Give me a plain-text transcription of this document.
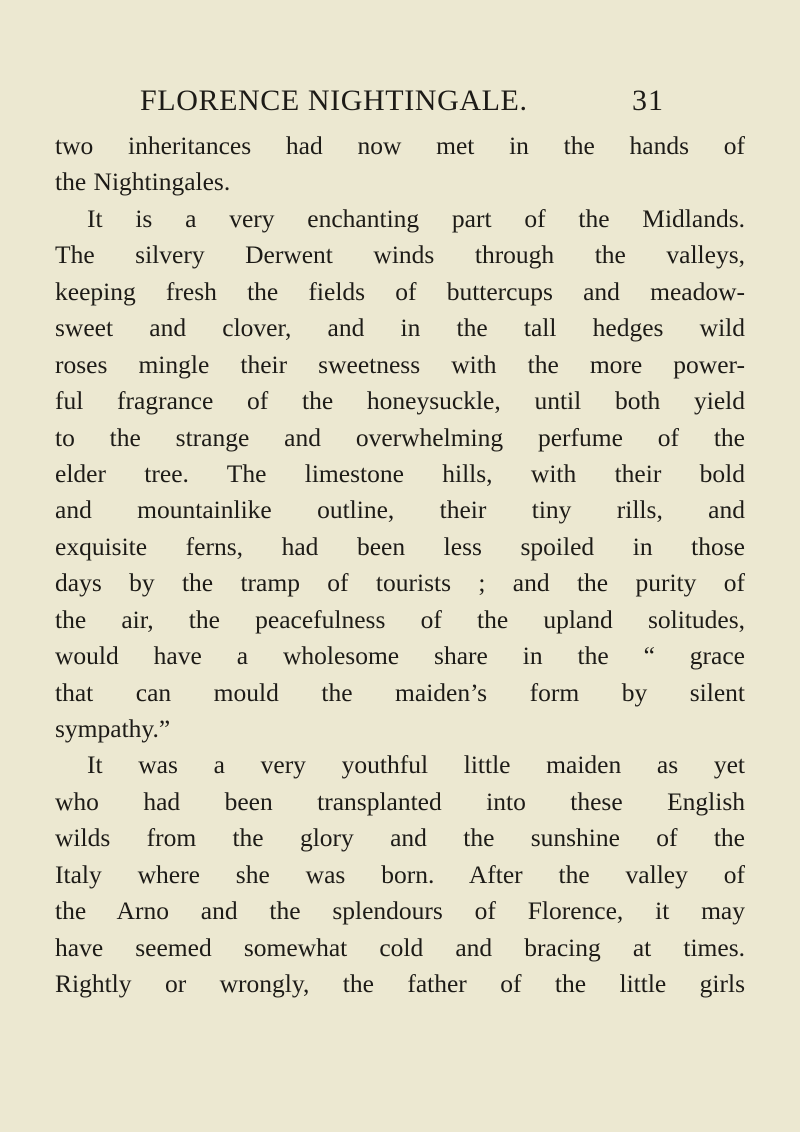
FLORENCE NIGHTINGALE.	31
two inheritances had now met in the hands of
the Nightingales.
It is a very enchanting part of the Midlands.
The silvery Derwent winds through the valleys,
keeping fresh the fields of buttercups and meadow-
sweet and clover, and in the tall hedges wild
roses mingle their sweetness with the more power-
ful fragrance of the honeysuckle, until both yield
to the strange and overwhelming perfume of the
elder tree. The limestone hills, with their bold
and mountainlike outline, their tiny rills, and
exquisite ferns, had been less spoiled in those
days by the tramp of tourists ; and the purity of
the air, the peacefulness of the upland solitudes,
would have a wholesome share in the “ grace
that can mould the maiden’s form by silent
sympathy.”
It was a very youthful little maiden as yet
who had been transplanted into these English
wilds from the glory and the sunshine of the
Italy where she was born. After the valley of
the Arno and the splendours of Florence, it may
have seemed somewhat cold and bracing at times.
Rightly or wrongly, the father of the little girls
